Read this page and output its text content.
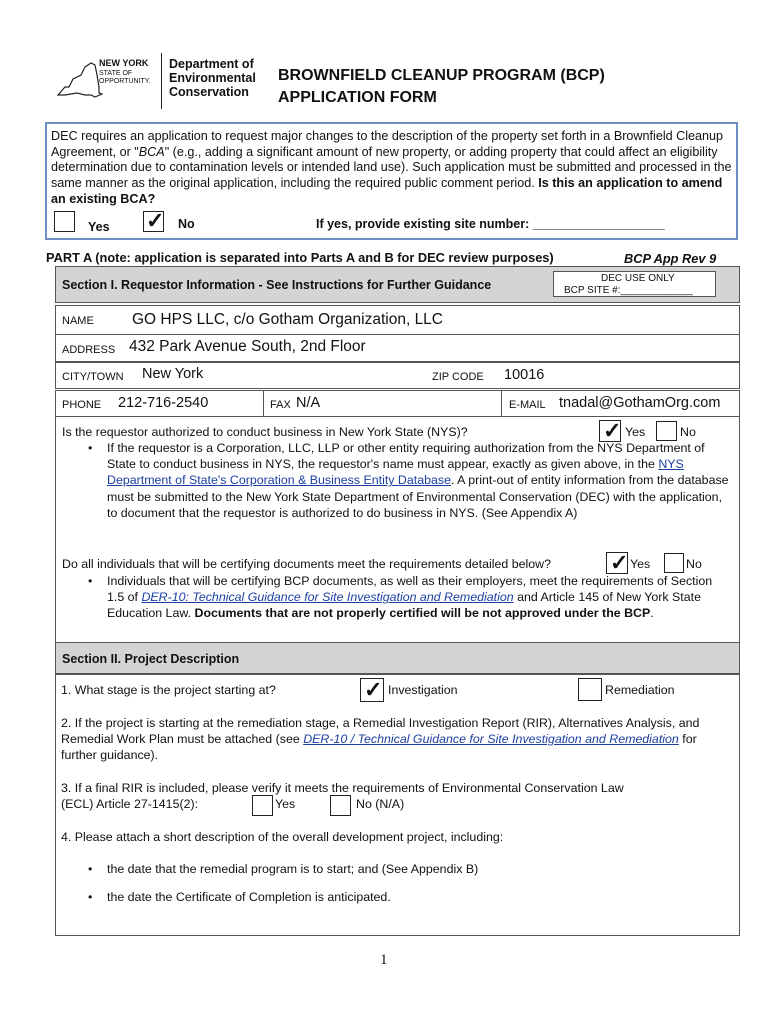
NEW YORK
STATE OF
OPPORTUNITY.
Department of
Environmental
Conservation
BROWNFIELD CLEANUP PROGRAM (BCP)
APPLICATION FORM

DEC requires an application to request major changes to the description of the property set forth in a Brownfield Cleanup Agreement, or "BCA" (e.g., adding a significant amount of new property, or adding property that could affect an eligibility determination due to contamination levels or intended land use). Such application must be submitted and processed in the same manner as the original application, including the required public comment period. Is this an application to amend an existing BCA?

Yes ✓ No	If yes, provide existing site number: ___________________
PART A (note: application is separated into Parts A and B for DEC review purposes)	BCP App Rev 9
Section I. Requestor Information - See Instructions for Further Guidance	DEC USE ONLY
BCP SITE #:_____________
NAME GO HPS LLC, c/o Gotham Organization, LLC
ADDRESS 432 Park Avenue South, 2nd Floor
CITY/TOWN New York	ZIP CODE 10016
PHONE 212-716-2540	FAX N/A	E-MAIL tnadal@GothamOrg.com
Is the requestor authorized to conduct business in New York State (NYS)?	✓ Yes	No
• If the requestor is a Corporation, LLC, LLP or other entity requiring authorization from the NYS Department of State to conduct business in NYS, the requestor's name must appear, exactly as given above, in the NYS Department of State's Corporation & Business Entity Database. A print-out of entity information from the database must be submitted to the New York State Department of Environmental Conservation (DEC) with the application, to document that the requestor is authorized to do business in NYS. (See Appendix A)
Do all individuals that will be certifying documents meet the requirements detailed below?	✓ Yes	No
• Individuals that will be certifying BCP documents, as well as their employers, meet the requirements of Section 1.5 of DER-10: Technical Guidance for Site Investigation and Remediation and Article 145 of New York State Education Law. Documents that are not properly certified will be not approved under the BCP.
Section II. Project Description
1. What stage is the project starting at?	✓ Investigation	Remediation
2. If the project is starting at the remediation stage, a Remedial Investigation Report (RIR), Alternatives Analysis, and Remedial Work Plan must be attached (see DER-10 / Technical Guidance for Site Investigation and Remediation for further guidance).
3. If a final RIR is included, please verify it meets the requirements of Environmental Conservation Law
(ECL) Article 27-1415(2):	Yes	No (N/A)
4. Please attach a short description of the overall development project, including:
• the date that the remedial program is to start; and (See Appendix B)
• the date the Certificate of Completion is anticipated.
1
